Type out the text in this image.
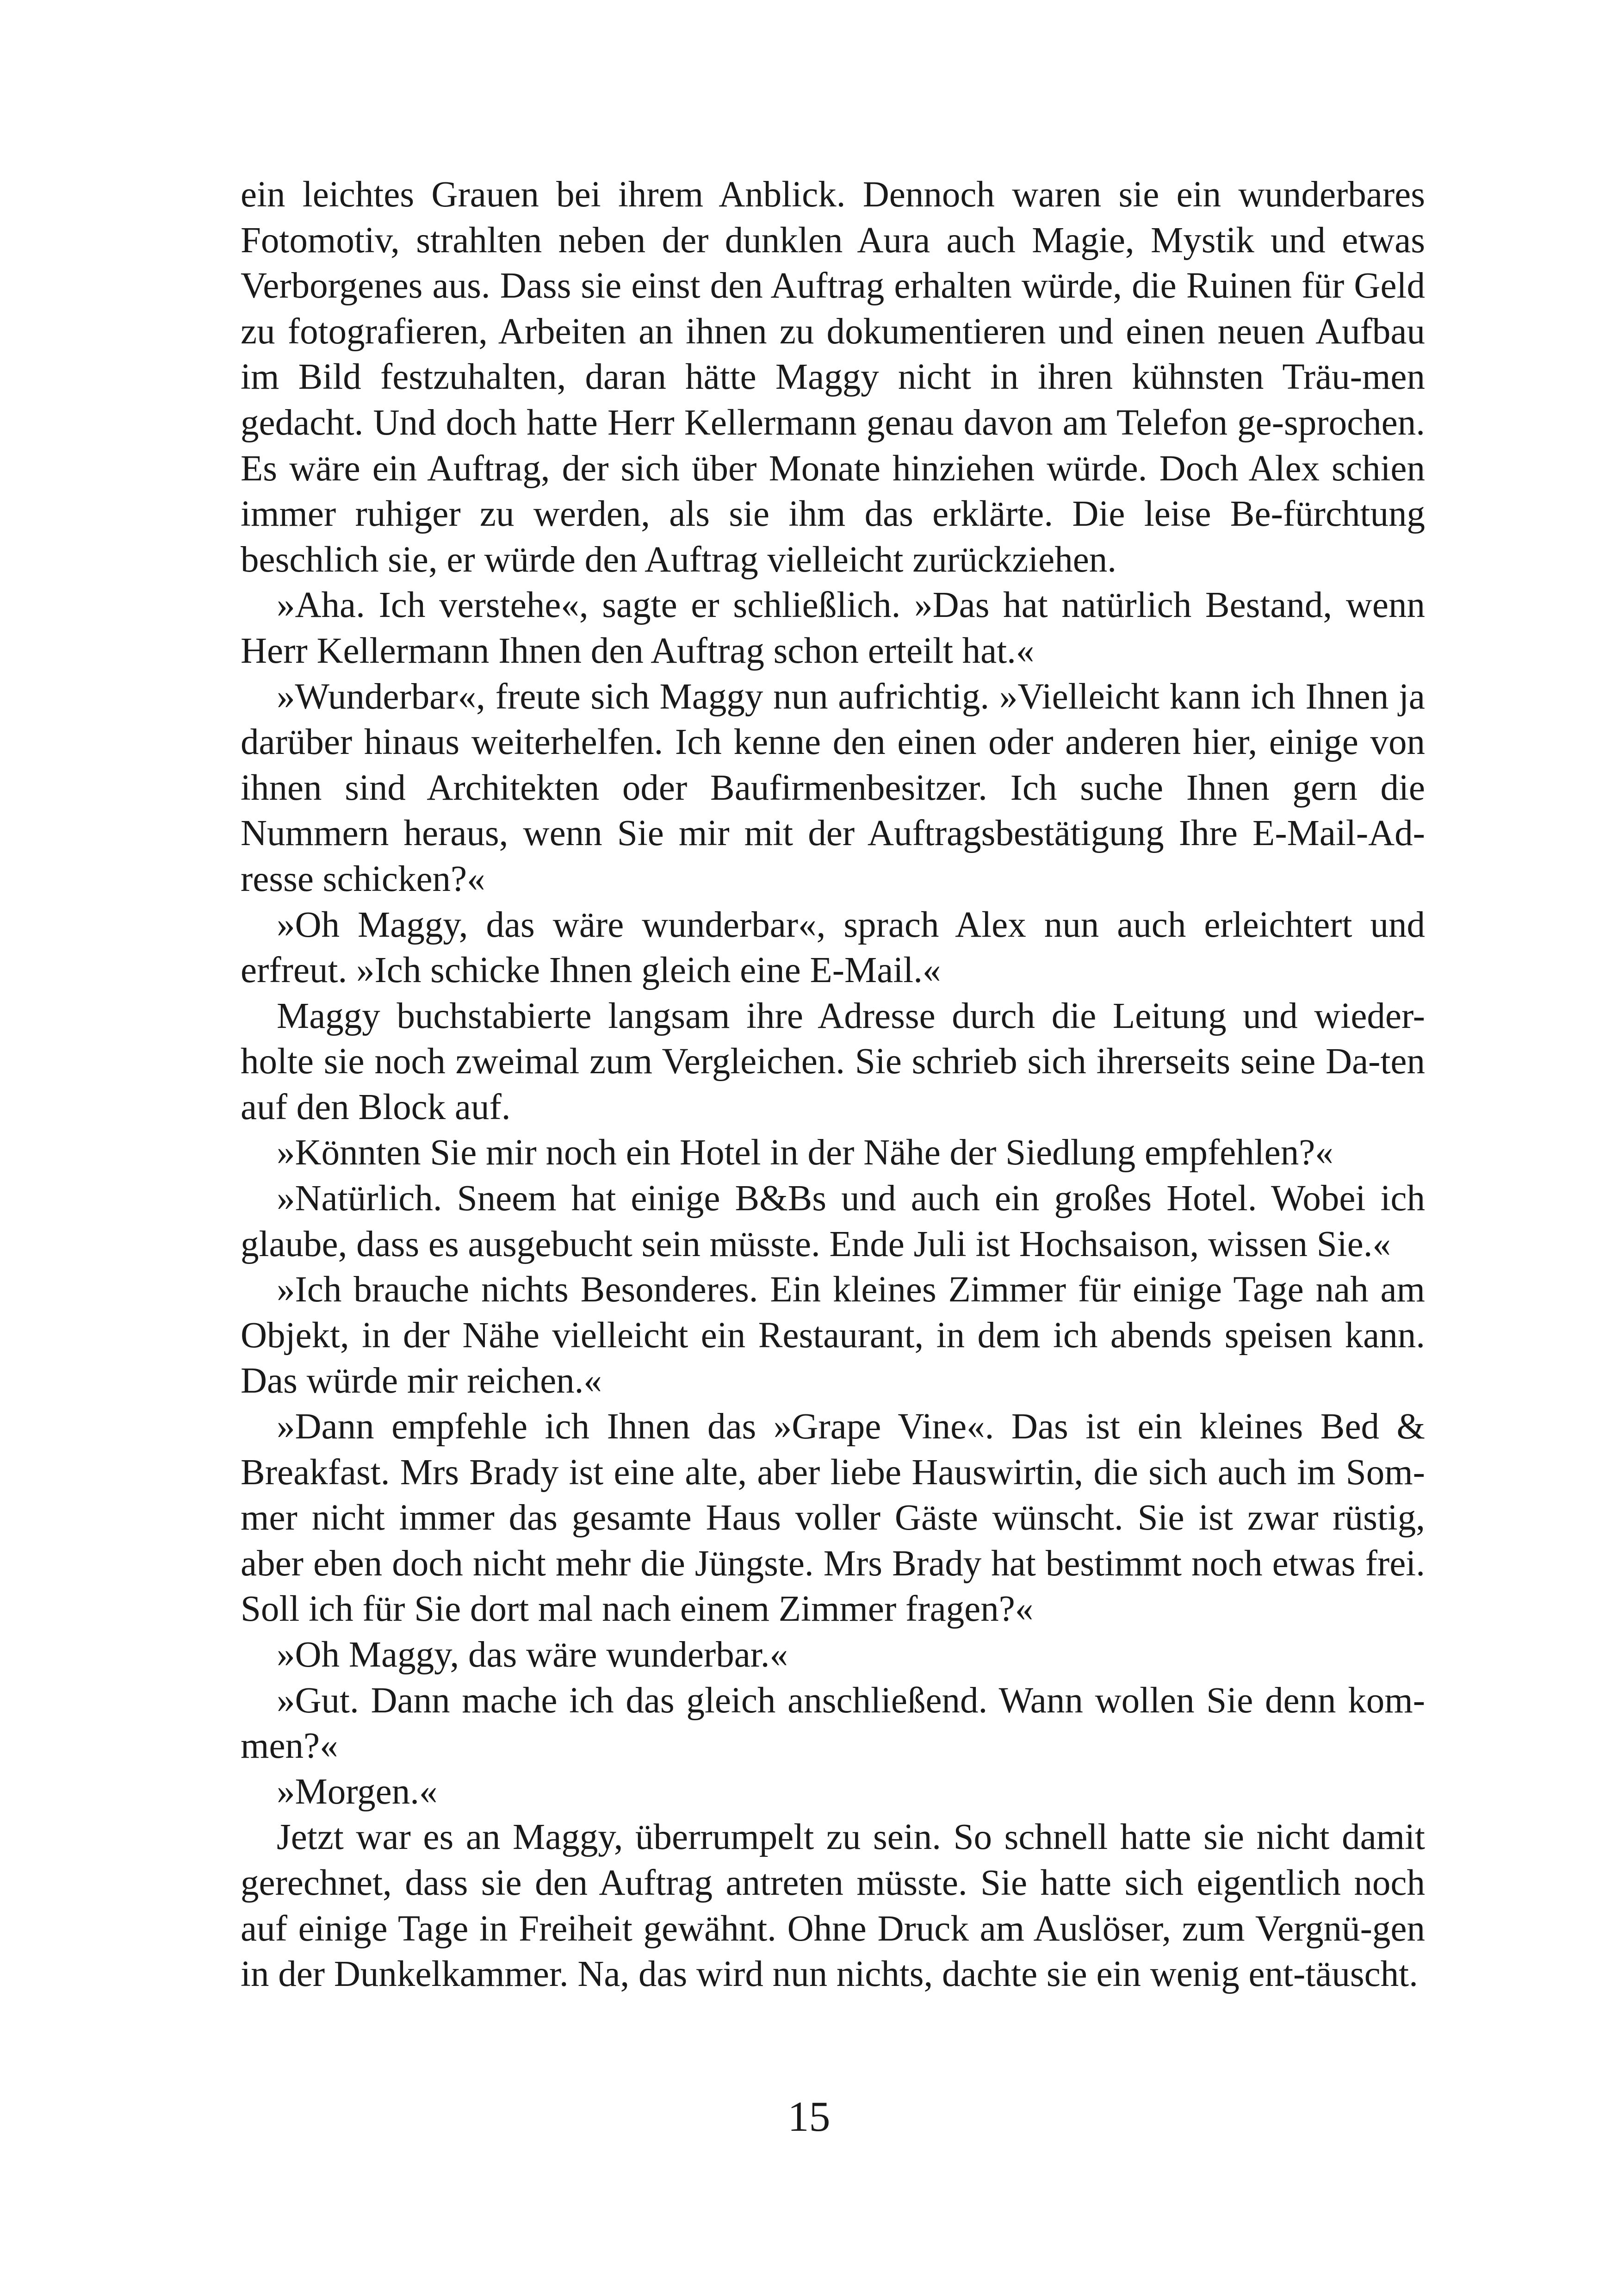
ein leichtes Grauen bei ihrem Anblick. Dennoch waren sie ein wunderbares Fotomotiv, strahlten neben der dunklen Aura auch Magie, Mystik und etwas Verborgenes aus. Dass sie einst den Auftrag erhalten würde, die Ruinen für Geld zu fotografieren, Arbeiten an ihnen zu dokumentieren und einen neuen Aufbau im Bild festzuhalten, daran hätte Maggy nicht in ihren kühnsten Träu-men gedacht. Und doch hatte Herr Kellermann genau davon am Telefon ge-sprochen. Es wäre ein Auftrag, der sich über Monate hinziehen würde. Doch Alex schien immer ruhiger zu werden, als sie ihm das erklärte. Die leise Be-fürchtung beschlich sie, er würde den Auftrag vielleicht zurückziehen.

»Aha. Ich verstehe«, sagte er schließlich. »Das hat natürlich Bestand, wenn Herr Kellermann Ihnen den Auftrag schon erteilt hat.«

»Wunderbar«, freute sich Maggy nun aufrichtig. »Vielleicht kann ich Ihnen ja darüber hinaus weiterhelfen. Ich kenne den einen oder anderen hier, einige von ihnen sind Architekten oder Baufirmenbesitzer. Ich suche Ihnen gern die Nummern heraus, wenn Sie mir mit der Auftragsbestätigung Ihre E-Mail-Ad-resse schicken?«

»Oh Maggy, das wäre wunderbar«, sprach Alex nun auch erleichtert und erfreut. »Ich schicke Ihnen gleich eine E-Mail.«

Maggy buchstabierte langsam ihre Adresse durch die Leitung und wieder-holte sie noch zweimal zum Vergleichen. Sie schrieb sich ihrerseits seine Da-ten auf den Block auf.

»Könnten Sie mir noch ein Hotel in der Nähe der Siedlung empfehlen?«

»Natürlich. Sneem hat einige B&Bs und auch ein großes Hotel. Wobei ich glaube, dass es ausgebucht sein müsste. Ende Juli ist Hochsaison, wissen Sie.«

»Ich brauche nichts Besonderes. Ein kleines Zimmer für einige Tage nah am Objekt, in der Nähe vielleicht ein Restaurant, in dem ich abends speisen kann. Das würde mir reichen.«

»Dann empfehle ich Ihnen das »Grape Vine«. Das ist ein kleines Bed & Breakfast. Mrs Brady ist eine alte, aber liebe Hauswirtin, die sich auch im Som-mer nicht immer das gesamte Haus voller Gäste wünscht. Sie ist zwar rüstig, aber eben doch nicht mehr die Jüngste. Mrs Brady hat bestimmt noch etwas frei. Soll ich für Sie dort mal nach einem Zimmer fragen?«

»Oh Maggy, das wäre wunderbar.«

»Gut. Dann mache ich das gleich anschließend. Wann wollen Sie denn kom-men?«

»Morgen.«

Jetzt war es an Maggy, überrumpelt zu sein. So schnell hatte sie nicht damit gerechnet, dass sie den Auftrag antreten müsste. Sie hatte sich eigentlich noch auf einige Tage in Freiheit gewähnt. Ohne Druck am Auslöser, zum Vergnü-gen in der Dunkelkammer. Na, das wird nun nichts, dachte sie ein wenig ent-täuscht.

15
